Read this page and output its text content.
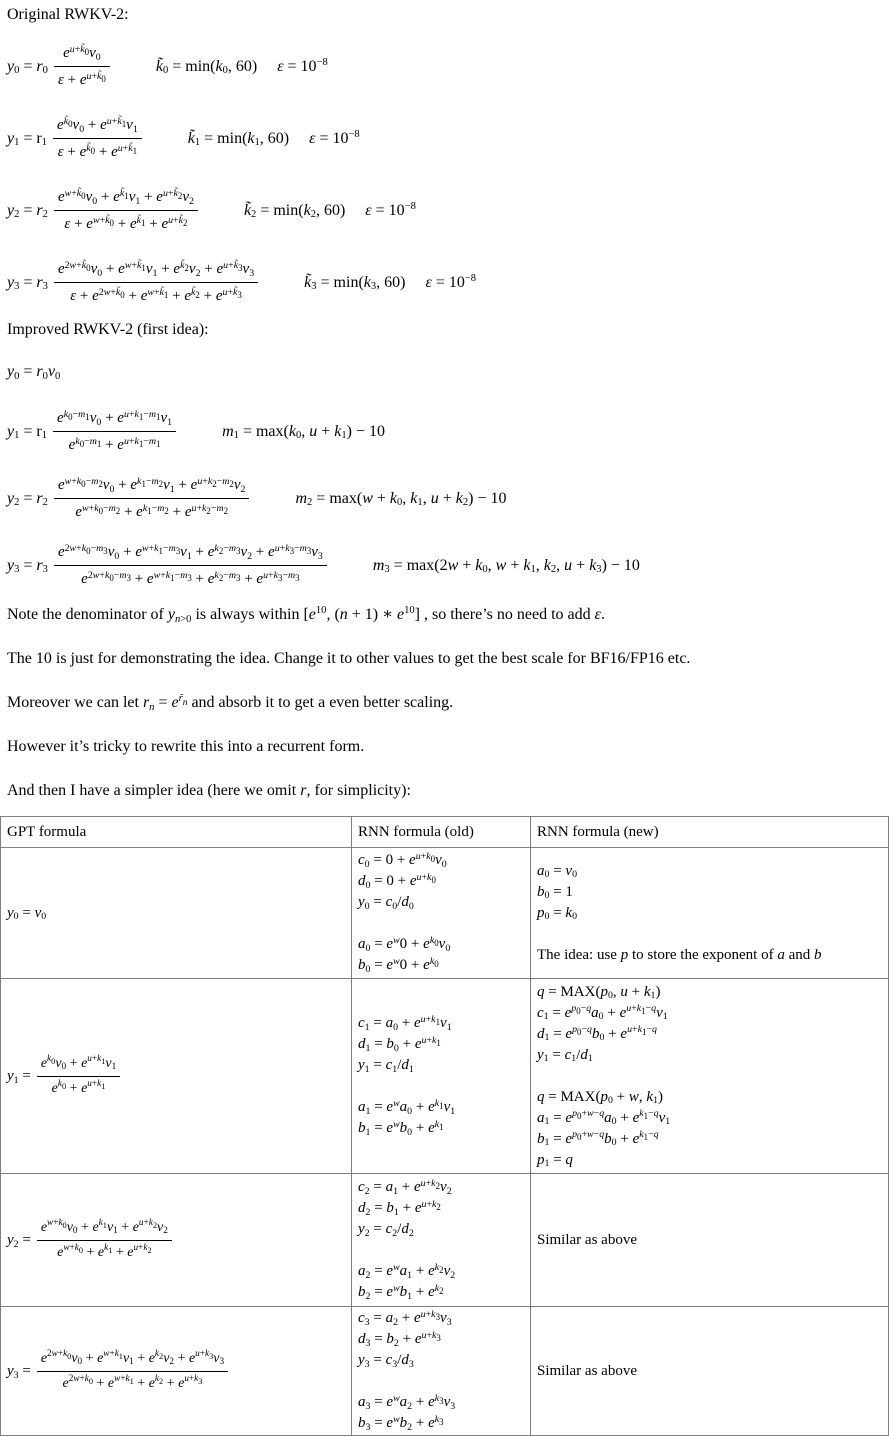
Original RWKV-2:

$y_0 = r_0 \frac{e^{u+k̃_0}v_0}{\varepsilon + e^{u+k̃_0}}$	$k̃_0 = \min(k_0$, 60)  $\varepsilon = 10^{-8}$
$y_1 = r_1 \frac{e^{k̃_0}v_0 + e^{u+k̃_1}v_1}{\varepsilon + e^{k̃_0} + e^{u+k̃_1}}$	$k̃_1 = \min(k_1$, 60)  $\varepsilon = 10^{-8}$
$y_2 = r_2 \frac{e^{w+k̃_0}v_0 + e^{k̃_1}v_1 + e^{u+k̃_2}v_2}{\varepsilon + e^{w+k̃_0} + e^{k̃_1} + e^{u+k̃_2}}$	$k̃_2 = \min(k_2$, 60)  $\varepsilon = 10^{-8}$
$y_3 = r_3 \frac{e^{2w+k̃_0}v_0 + e^{w+k̃_1}v_1 + e^{k̃_2}v_2 + e^{u+k̃_3}v_3}{\varepsilon + e^{2w+k̃_0} + e^{w+k̃_1} + e^{k̃_2} + e^{u+k̃_3}}$	$k̃_3 = \min(k_3$, 60)  $\varepsilon = 10^{-8}$

Improved RWKV-2 (first idea):

$y_0 = r_0v_0$

$y_1 = r_1 \frac{e^{k_0-m_1}v_0 + e^{u+k_1-m_1}v_1}{e^{k_0-m_1} + e^{u+k_1-m_1}}$	$m_1 = \max(k_0$, $u + k_1) - 10$
$y_2 = r_2 \frac{e^{w+k_0-m_2}v_0 + e^{k_1-m_2}v_1 + e^{u+k_2-m_2}v_2}{e^{w+k_0-m_2} + e^{k_1-m_2} + e^{u+k_2-m_2}}$	$m_2 = \max(w + k_0$, $k_1$, $u + k_2) - 10$
$y_3 = r_3 \frac{e^{2w+k_0-m_3}v_0 + e^{w+k_1-m_3}v_1 + e^{k_2-m_3}v_2 + e^{u+k_3-m_3}v_3}{e^{2w+k_0-m_3} + e^{w+k_1-m_3} + e^{k_2-m_3} + e^{u+k_3-m_3}}$	$m_3 = \max(2w + k_0$, $w + k_1$, $k_2$, $u + k_3) - 10$

Note the denominator of $y_{n>0}$ is always within [$e^{10}$, (n + 1) ∗ $e^{10}$] , so there’s no need to add ε.

The 10 is just for demonstrating the idea. Change it to other values to get the best scale for BF16/FP16 etc.

Moreover we can let $r_n = e^{r̃_n}$ and absorb it to get a even better scaling.

However it’s tricky to rewrite this into a recurrent form.

And then I have a simpler idea (here we omit r, for simplicity):

GPT formula	RNN formula (old)	RNN formula (new)
$y_0 = v_0$	$c_0 = 0 + e^{u+k_0}v_0$
$d_0 = 0 + e^{u+k_0}$
$y_0 = c_0/d_0$

$a_0 = e^w0 + e^{k_0}v_0$
$b_0 = e^w0 + e^{k_0}$	$a_0 = v_0$
$b_0 = 1$
$p_0 = k_0$

The idea: use p to store the exponent of a and b

$y_1 = \frac{e^{k_0}v_0 + e^{u+k_1}v_1}{e^{k_0} + e^{u+k_1}}$
	$c_1 = a_0 + e^{u+k_1}v_1$
$d_1 = b_0 + e^{u+k_1}$
$y_1 = c_1/d_1$

$a_1 = e^wa_0 + e^{k_1}v_1$
$b_1 = e^wb_0 + e^{k_1}$	$q = MAX(p_0$, $u + k_1$)
$c_1 = e^{p_0-q}a_0 + e^{u+k_1-q}v_1$
$d_1 = e^{p_0-q}b_0 + e^{u+k_1-q}$
$y_1 = c_1/d_1$

$q = MAX(p_0 + w$, $k_1$)
$a_1 = e^{p_0+w-q}a_0 + e^{k_1-q}v_1$
$b_1 = e^{p_0+w-q}b_0 + e^{k_1-q}$
$p_1 = q$

$y_2 = \frac{e^{w+k_0}v_0 + e^{k_1}v_1 + e^{u+k_2}v_2}{e^{w+k_0} + e^{k_1} + e^{u+k_2}}$	$c_2 = a_1 + e^{u+k_2}v_2$
$d_2 = b_1 + e^{u+k_2}$
$y_2 = c_2/d_2$

$a_2 = e^wa_1 + e^{k_2}v_2$
$b_2 = e^wb_1 + e^{k_2}$	Similar as above

$y_3 = \frac{e^{2w+k_0}v_0 + e^{w+k_1}v_1 + e^{k_2}v_2 + e^{u+k_3}v_3}{e^{2w+k_0} + e^{w+k_1} + e^{k_2} + e^{u+k_3}}$	$c_3 = a_2 + e^{u+k_3}v_3$
$d_3 = b_2 + e^{u+k_3}$
$y_3 = c_3/d_3$

$a_3 = e^wa_2 + e^{k_3}v_3$
$b_3 = e^wb_2 + e^{k_3}$	Similar as above
